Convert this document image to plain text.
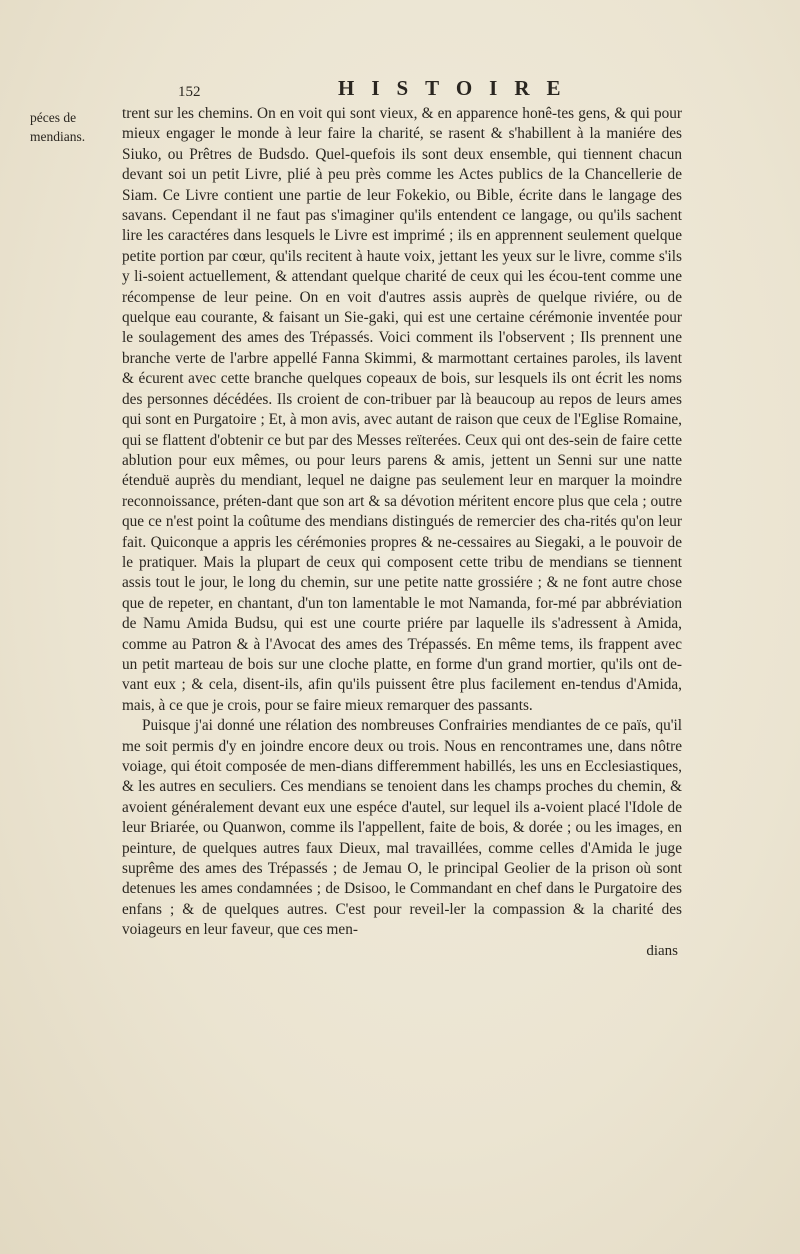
152	HISTOIRE
péces de mendians.

trent sur les chemins. On en voit qui sont vieux, & en apparence honê-tes gens, & qui pour mieux engager le monde à leur faire la charité, se rasent & s'habillent à la maniére des Siuko, ou Prêtres de Budsdo. Quel-quefois ils sont deux ensemble, qui tiennent chacun devant soi un petit Livre, plié à peu près comme les Actes publics de la Chancellerie de Siam. Ce Livre contient une partie de leur Fokekio, ou Bible, écrite dans le langage des savans. Cependant il ne faut pas s'imaginer qu'ils entendent ce langage, ou qu'ils sachent lire les caractéres dans lesquels le Livre est imprimé ; ils en apprennent seulement quelque petite portion par cœur, qu'ils recitent à haute voix, jettant les yeux sur le livre, comme s'ils y li-soient actuellement, & attendant quelque charité de ceux qui les écou-tent comme une récompense de leur peine. On en voit d'autres assis auprès de quelque riviére, ou de quelque eau courante, & faisant un Sie-gaki, qui est une certaine cérémonie inventée pour le soulagement des ames des Trépassés. Voici comment ils l'observent ; Ils prennent une branche verte de l'arbre appellé Fanna Skimmi, & marmottant certaines paroles, ils lavent & écurent avec cette branche quelques copeaux de bois, sur lesquels ils ont écrit les noms des personnes décédées. Ils croient de con-tribuer par là beaucoup au repos de leurs ames qui sont en Purgatoire ; Et, à mon avis, avec autant de raison que ceux de l'Eglise Romaine, qui se flattent d'obtenir ce but par des Messes reïterées. Ceux qui ont des-sein de faire cette ablution pour eux mêmes, ou pour leurs parens & amis, jettent un Senni sur une natte étenduë auprès du mendiant, lequel ne daigne pas seulement leur en marquer la moindre reconnoissance, préten-dant que son art & sa dévotion méritent encore plus que cela ; outre que ce n'est point la coûtume des mendians distingués de remercier des cha-rités qu'on leur fait. Quiconque a appris les cérémonies propres & ne-cessaires au Siegaki, a le pouvoir de le pratiquer. Mais la plupart de ceux qui composent cette tribu de mendians se tiennent assis tout le jour, le long du chemin, sur une petite natte grossiére ; & ne font autre chose que de repeter, en chantant, d'un ton lamentable le mot Namanda, for-mé par abbréviation de Namu Amida Budsu, qui est une courte priére par laquelle ils s'adressent à Amida, comme au Patron & à l'Avocat des ames des Trépassés. En même tems, ils frappent avec un petit marteau de bois sur une cloche platte, en forme d'un grand mortier, qu'ils ont de-vant eux ; & cela, disent-ils, afin qu'ils puissent être plus facilement en-tendus d'Amida, mais, à ce que je crois, pour se faire mieux remarquer des passants.

Puisque j'ai donné une rélation des nombreuses Confrairies mendiantes de ce païs, qu'il me soit permis d'y en joindre encore deux ou trois. Nous en rencontrames une, dans nôtre voiage, qui étoit composée de men-dians differemment habillés, les uns en Ecclesiastiques, & les autres en seculiers. Ces mendians se tenoient dans les champs proches du chemin, & avoient généralement devant eux une espéce d'autel, sur lequel ils a-voient placé l'Idole de leur Briarée, ou Quanwon, comme ils l'appellent, faite de bois, & dorée ; ou les images, en peinture, de quelques autres faux Dieux, mal travaillées, comme celles d'Amida le juge suprême des ames des Trépassés ; de Jemau O, le principal Geolier de la prison où sont detenues les ames condamnées ; de Dsisoo, le Commandant en chef dans le Purgatoire des enfans ; & de quelques autres. C'est pour reveil-ler la compassion & la charité des voiageurs en leur faveur, que ces men-

dians
